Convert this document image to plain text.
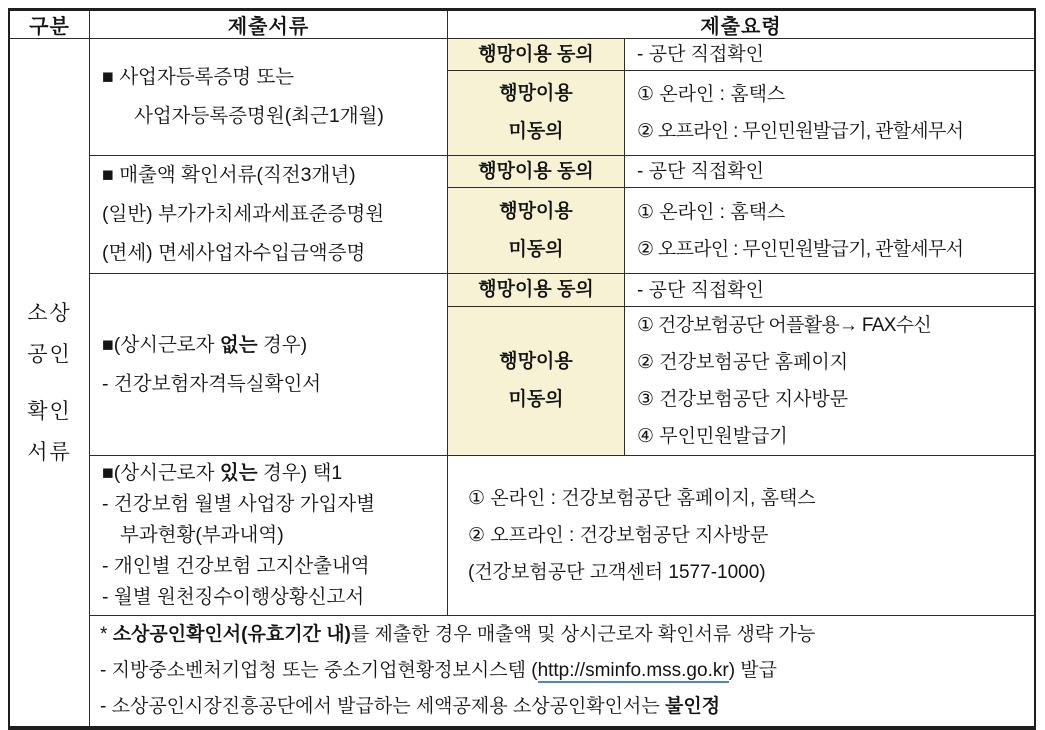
구분	제출서류	제출요령
소상
공인
확인
서류
■ 사업자등록증명 또는
사업자등록증명원(최근1개월)
행망이용 동의 - 공단 직접확인
행망이용
미동의
① 온라인 : 홈택스
② 오프라인 : 무인민원발급기, 관할세무서
■ 매출액 확인서류(직전3개년)
(일반) 부가가치세과세표준증명원
(면세) 면세사업자수입금액증명
행망이용 동의 - 공단 직접확인
행망이용
미동의
① 온라인 : 홈택스
② 오프라인 : 무인민원발급기, 관할세무서
■(상시근로자 없는 경우)
- 건강보험자격득실확인서
행망이용 동의 - 공단 직접확인
행망이용
미동의
① 건강보험공단 어플활용→ FAX수신
② 건강보험공단 홈페이지
③ 건강보험공단 지사방문
④ 무인민원발급기
■(상시근로자 있는 경우) 택1
- 건강보험 월별 사업장 가입자별
부과현황(부과내역)
- 개인별 건강보험 고지산출내역
- 월별 원천징수이행상황신고서
① 온라인 : 건강보험공단 홈페이지, 홈택스
② 오프라인 : 건강보험공단 지사방문
(건강보험공단 고객센터 1577-1000)
* 소상공인확인서(유효기간 내)를 제출한 경우 매출액 및 상시근로자 확인서류 생략 가능
- 지방중소벤처기업청 또는 중소기업현황정보시스템 (http://sminfo.mss.go.kr) 발급
- 소상공인시장진흥공단에서 발급하는 세액공제용 소상공인확인서는 불인정
